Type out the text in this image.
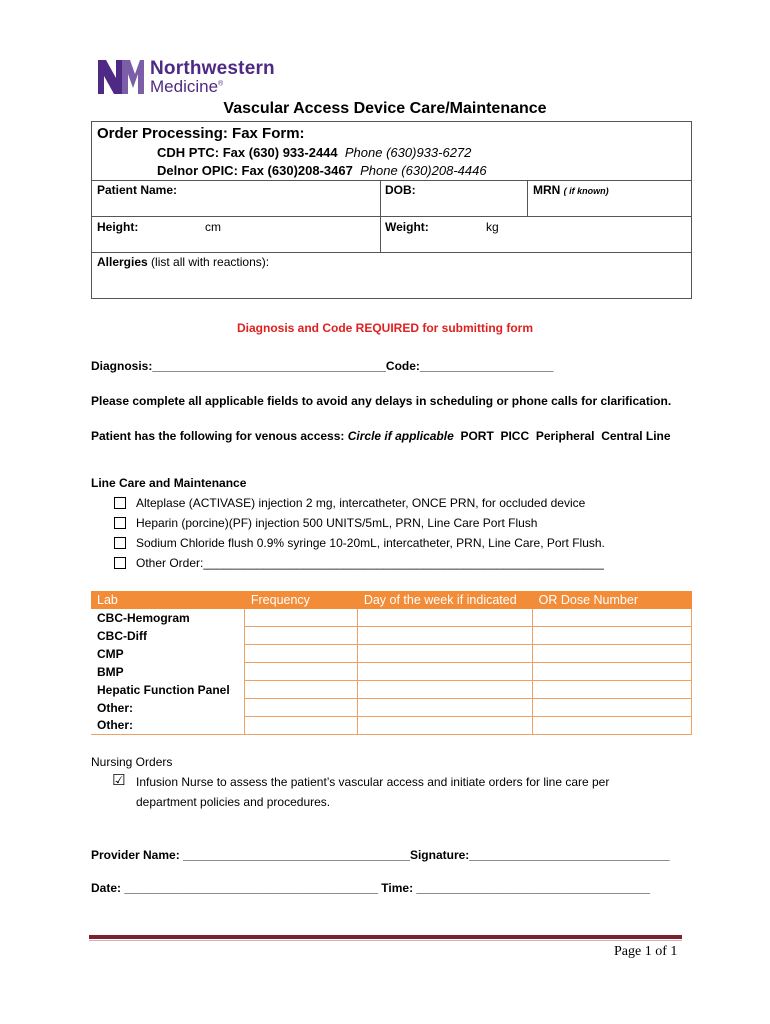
Northwestern
Medicine®
Vascular Access Device Care/Maintenance
Order Processing: Fax Form:
CDH PTC: Fax (630) 933-2444 Phone (630)933-6272
Delnor OPIC: Fax (630)208-3467 Phone (630)208-4446
Patient Name:	DOB:	MRN ( if known)
Height:	cm	Weight:	kg
Allergies (list all with reactions):
Diagnosis and Code REQUIRED for submitting form
Diagnosis:___________________________________Code:____________________
Please complete all applicable fields to avoid any delays in scheduling or phone calls for clarification.
Patient has the following for venous access: Circle if applicable PORT PICC Peripheral Central Line
Line Care and Maintenance
Alteplase (ACTIVASE) injection 2 mg, intercatheter, ONCE PRN, for occluded device
Heparin (porcine)(PF) injection 500 UNITS/5mL, PRN, Line Care Port Flush
Sodium Chloride flush 0.9% syringe 10-20mL, intercatheter, PRN, Line Care, Port Flush.
Other Order:____________________________________________________________
Lab	Frequency	Day of the week if indicated	OR Dose Number
CBC-Hemogram			
CBC-Diff			
CMP			
BMP			
Hepatic Function Panel			
Other:			
Other:			
Nursing Orders
☑ Infusion Nurse to assess the patient’s vascular access and initiate orders for line care per
department policies and procedures.
Provider Name: __________________________________Signature:______________________________
Date: ______________________________________ Time: ___________________________________
Page 1 of 1
